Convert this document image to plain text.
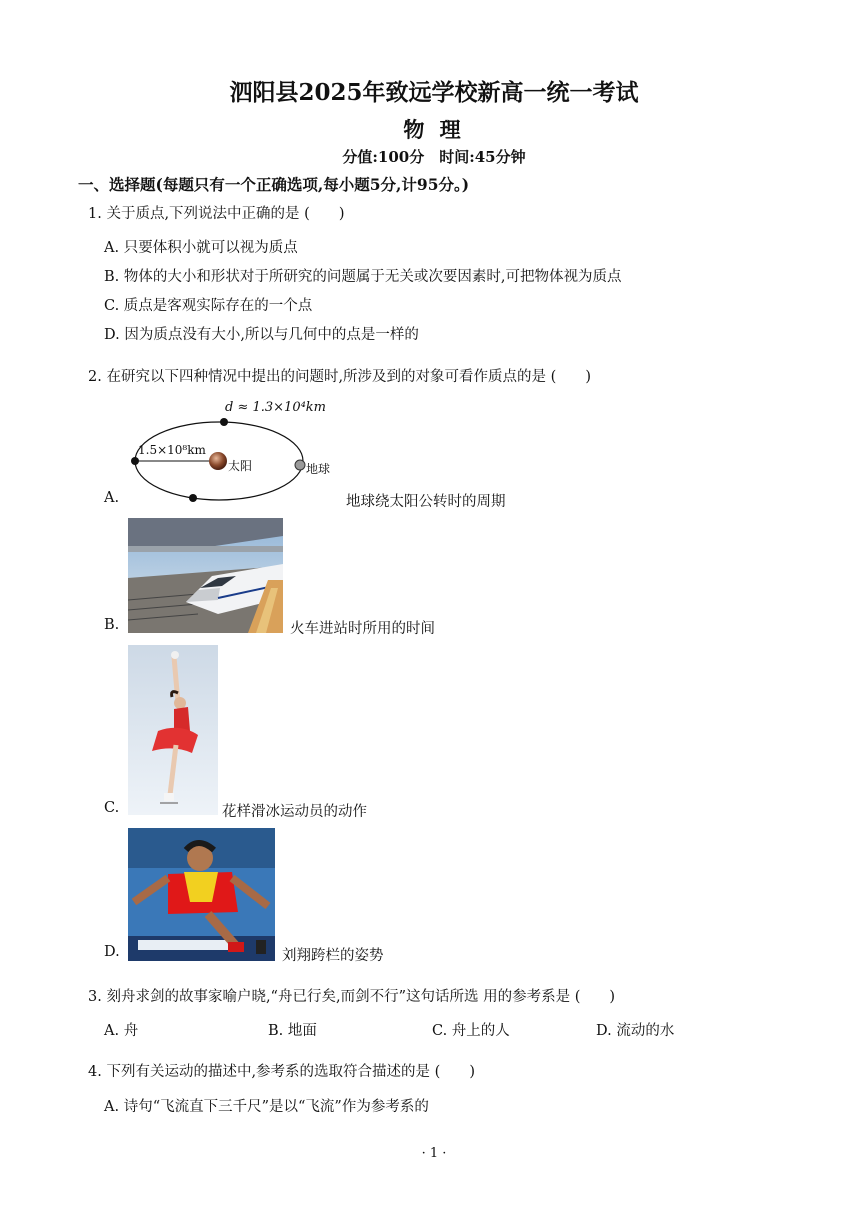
泗阳县2025年致远学校新高一统一考试
物 理
分值:100分　时间:45分钟
一、选择题(每题只有一个正确选项,每小题5分,计95分。)
1. 关于质点,下列说法中正确的是 (　　)
A. 只要体积小就可以视为质点
B. 物体的大小和形状对于所研究的问题属于无关或次要因素时,可把物体视为质点
C. 质点是客观实际存在的一个点
D. 因为质点没有大小,所以与几何中的点是一样的
2. 在研究以下四种情况中提出的问题时,所涉及到的对象可看作质点的是 (　　)
d ≈ 1.3×10⁴km
1.5×10⁸km
太阳	地球
A.	地球绕太阳公转时的周期
B.	火车进站时所用的时间
C.	花样滑冰运动员的动作
D.	刘翔跨栏的姿势
3. 刻舟求剑的故事家喻户晓,“舟已行矣,而剑不行”这句话所选 用的参考系是 (　　)
A. 舟	B. 地面	C. 舟上的人	D. 流动的水
4. 下列有关运动的描述中,参考系的选取符合描述的是 (　　)
A. 诗句“飞流直下三千尺”是以“飞流”作为参考系的
· 1 ·
